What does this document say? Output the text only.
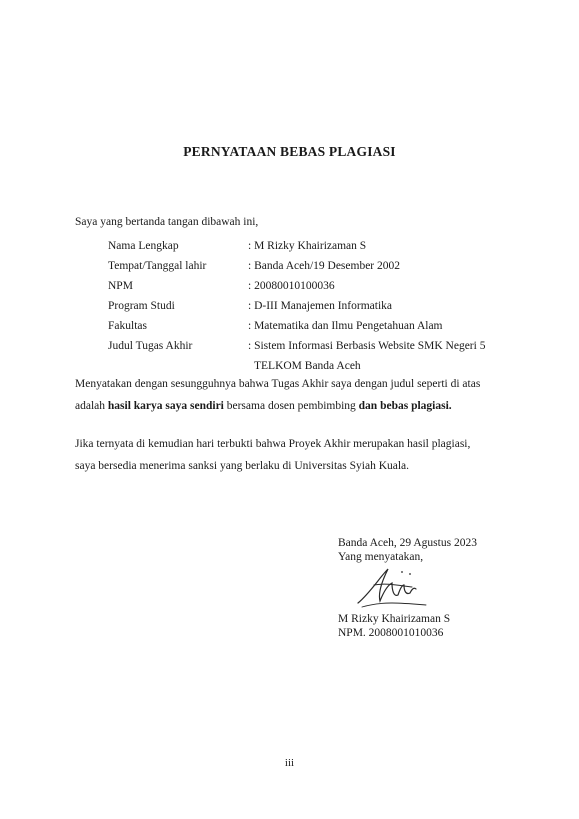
PERNYATAAN BEBAS PLAGIASI
Saya yang bertanda tangan dibawah ini,
Nama Lengkap	: M Rizky Khairizaman S
Tempat/Tanggal lahir	: Banda Aceh/19 Desember 2002
NPM	: 20080010100036
Program Studi	: D-III Manajemen Informatika
Fakultas	: Matematika dan Ilmu Pengetahuan Alam
Judul Tugas Akhir	: Sistem Informasi Berbasis Website SMK Negeri 5
TELKOM Banda Aceh
Menyatakan dengan sesungguhnya bahwa Tugas Akhir saya dengan judul seperti di atas
adalah hasil karya saya sendiri bersama dosen pembimbing dan bebas plagiasi.
Jika ternyata di kemudian hari terbukti bahwa Proyek Akhir merupakan hasil plagiasi,
saya bersedia menerima sanksi yang berlaku di Universitas Syiah Kuala.
Banda Aceh, 29 Agustus 2023
Yang menyatakan,
M Rizky Khairizaman S
NPM. 2008001010036
iii
